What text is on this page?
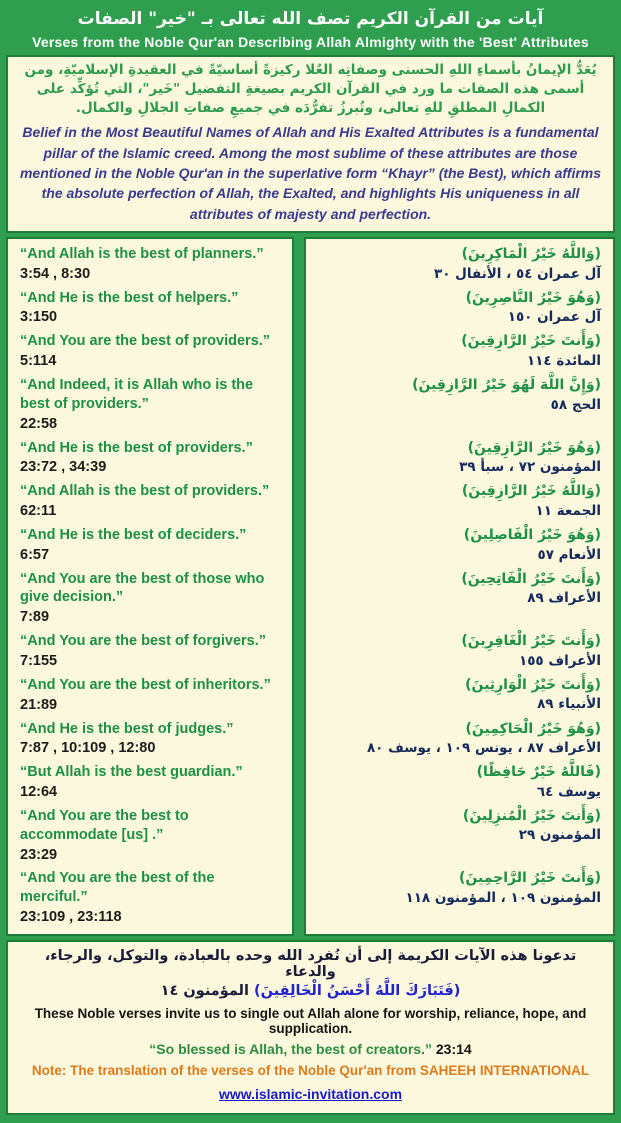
آيات من القرآن الكريم تصف الله تعالى بـ "خير" الصفات
Verses from the Noble Qur'an Describing Allah Almighty with the 'Best' Attributes
يُعَدُّ الإيمانُ بأسماءِ اللهِ الحسنى وصفاتِه العُلا ركيزةً أساسيّةً في العقيدةِ الإسلاميّةِ، ومن أسمى هذه الصفات ما ورد في القرآن الكريم بصيغةِ التفضيل "خَير"، التي تُؤكِّد على الكمالِ المطلقِ للهِ تعالى، وتُبرزُ تفرُّدَه في جميعِ صفاتِ الجلالِ والكمال.
Belief in the Most Beautiful Names of Allah and His Exalted Attributes is a fundamental pillar of the Islamic creed. Among the most sublime of these attributes are those mentioned in the Noble Qur'an in the superlative form “Khayr” (the Best), which affirms the absolute perfection of Allah, the Exalted, and highlights His uniqueness in all attributes of majesty and perfection.
“And Allah is the best of planners.”
3:54 , 8:30
(وَاللَّهُ خَيْرُ الْمَاكِرِينَ)
آل عمران ٥٤ ، الأنفال ٣٠
“And He is the best of helpers.”
3:150
(وَهُوَ خَيْرُ النَّاصِرِينَ)
آل عمران ١٥٠
“And You are the best of providers.”
5:114
(وَأَنتَ خَيْرُ الرَّازِقِينَ)
المائدة ١١٤
“And Indeed, it is Allah who is the best of providers.”
22:58
(وَإِنَّ اللَّهَ لَهُوَ خَيْرُ الرَّازِقِينَ)
الحج ٥٨
“And He is the best of providers.”
23:72 , 34:39
(وَهُوَ خَيْرُ الرَّازِقِينَ)
المؤمنون ٧٢ ، سبأ ٣٩
“And Allah is the best of providers.”
62:11
(وَاللَّهُ خَيْرُ الرَّازِقِينَ)
الجمعة ١١
“And He is the best of deciders.”
6:57
(وَهُوَ خَيْرُ الْفَاصِلِينَ)
الأنعام ٥٧
“And You are the best of those who give decision.”
7:89
(وَأَنتَ خَيْرُ الْفَاتِحِينَ)
الأعراف ٨٩
“And You are the best of forgivers.”
7:155
(وَأَنتَ خَيْرُ الْغَافِرِينَ)
الأعراف ١٥٥
“And You are the best of inheritors.”
21:89
(وَأَنتَ خَيْرُ الْوَارِثِينَ)
الأنبياء ٨٩
“And He is the best of judges.”
7:87 , 10:109 , 12:80
(وَهُوَ خَيْرُ الْحَاكِمِينَ)
الأعراف ٨٧ ، يونس ١٠٩ ، يوسف ٨٠
“But Allah is the best guardian.”
12:64
(فَاللَّهُ خَيْرٌ حَافِظًا)
يوسف ٦٤
“And You are the best to accommodate [us] .”
23:29
(وَأَنتَ خَيْرُ الْمُنزِلِينَ)
المؤمنون ٢٩
“And You are the best of the merciful.”
23:109 , 23:118
(وَأَنتَ خَيْرُ الرَّاحِمِينَ)
المؤمنون ١٠٩ ، المؤمنون ١١٨
تدعونا هذه الآيات الكريمة إلى أن نُفرد الله وحده بالعبادة، والتوكل، والرجاء، والدعاء
(فَتَبَارَكَ اللَّهُ أَحْسَنُ الْخَالِقِينَ) المؤمنون ١٤
These Noble verses invite us to single out Allah alone for worship, reliance, hope, and supplication.
“So blessed is Allah, the best of creators.” 23:14
Note: The translation of the verses of the Noble Qur'an from SAHEEH INTERNATIONAL
www.islamic-invitation.com
